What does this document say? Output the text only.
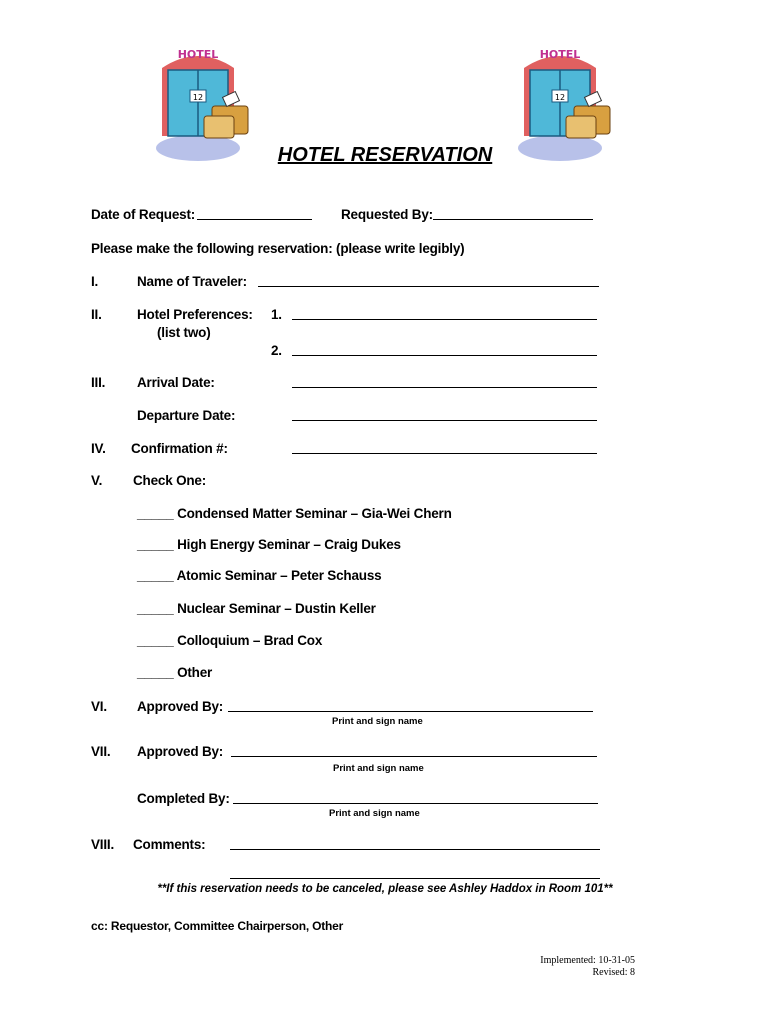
12
HOTEL
12
HOTEL
HOTEL RESERVATION
Date of Request:	Requested By:
Please make the following reservation: (please write legibly)
I.	Name of Traveler:
II.	Hotel Preferences:
(list two)
1.
2.
III. Arrival Date:
Departure Date:
IV. Confirmation #:
V. Check One:
_____ Condensed Matter Seminar – Gia-Wei Chern
_____ High Energy Seminar – Craig Dukes
_____ Atomic Seminar – Peter Schauss
_____ Nuclear Seminar – Dustin Keller
_____ Colloquium – Brad Cox
_____ Other
VI. Approved By:
Print and sign name
VII. Approved By:
Print and sign name
Completed By:
Print and sign name
VIII. Comments:
**If this reservation needs to be canceled, please see Ashley Haddox in Room 101**
cc: Requestor, Committee Chairperson, Other
Implemented: 10-31-05
Revised: 8
